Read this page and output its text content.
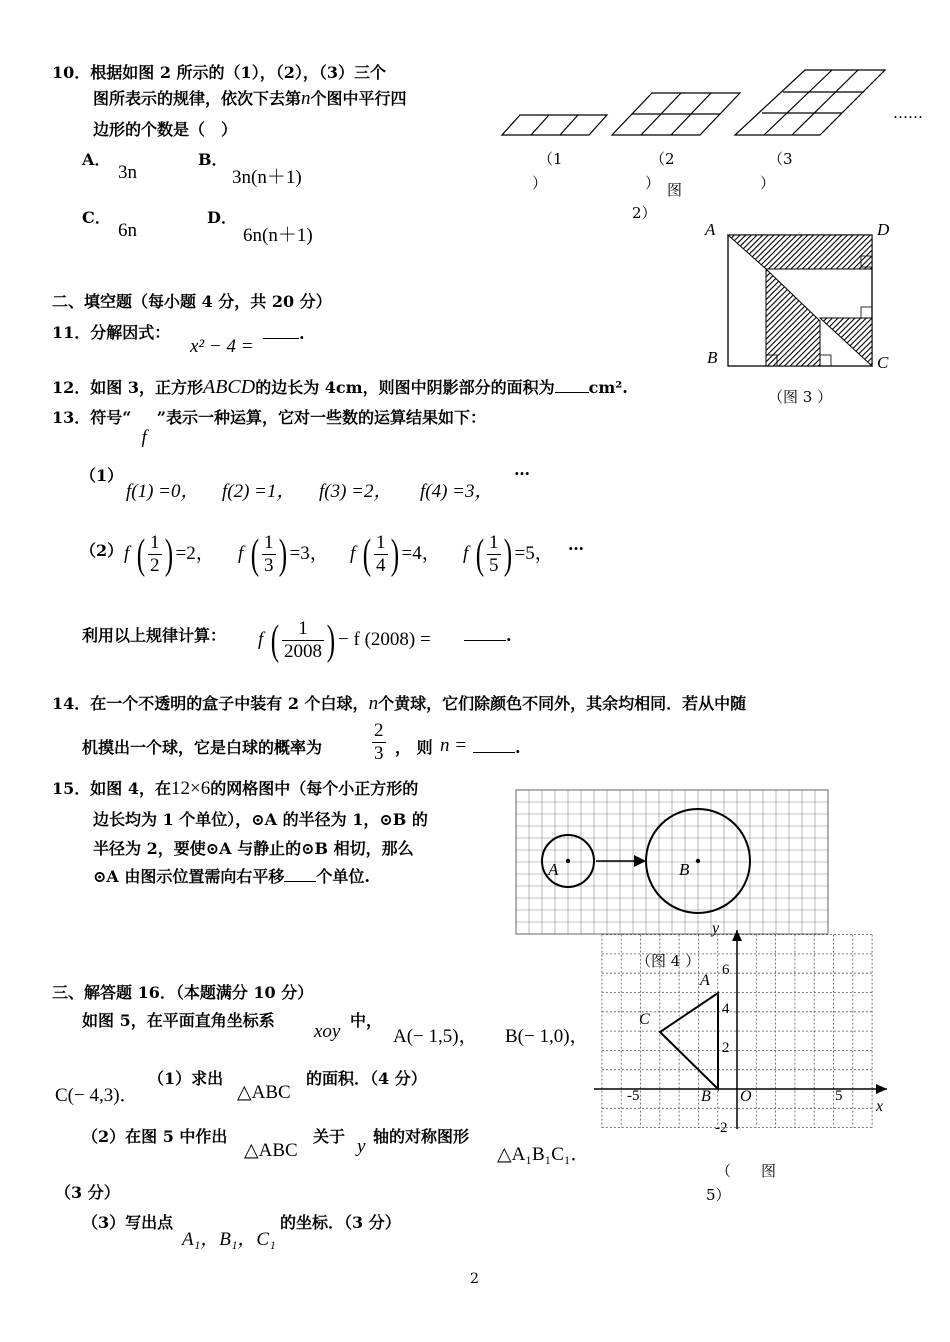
10．根据如图 2 所示的（1），（2），（3）三个
图所表示的规律，依次下去第n个图中平行四
边形的个数是（　）
A．
3n
B．
3n(n＋1)
C．
6n
D．
6n(n＋1)
（1
）
（2
）
（3
）
图
2）
……
A	D
B	C
（图 3 ）
二、填空题（每小题 4 分，共 20 分）
11．分解因式：
x² − 4 =
.
12．如图 3，正方形ABCD的边长为 4cm，则图中阴影部分的面积为 cm².
13．符号“f”表示一种运算，它对一些数的运算结果如下：
（1）
f(1) =0， f(2) =1， f(3) =2， f(4) =3，
…
（2） f ( $\frac{1}{2}$ ) =2， f ( $\frac{1}{3}$ ) =3， f ( $\frac{1}{4}$ ) =4， f ( $\frac{1}{5}$ ) =5， …
利用以上规律计算： f ( $\frac{1}{2008}$ ) − f (2008) =	.
14．在一个不透明的盒子中装有 2 个白球，n个黄球，它们除颜色不同外，其余均相同．若从中随
机摸出一个球，它是白球的概率为	$\frac{2}{3}$ ， 则 n =	.
15．如图 4，在12×6的网格图中（每个小正方形的
边长均为 1 个单位），⊙A 的半径为 1，⊙B 的
半径为 2，要使⊙A 与静止的⊙B 相切，那么
⊙A 由图示位置需向右平移 个单位.	A	B
（图 4 ）
三、解答题 16．（本题满分 10 分）
如图 5，在平面直角坐标系
xoy
中，
A(− 1,5)， B(− 1,0)，
C(− 4,3)．
（1）求出
△ABC
的面积．（4 分）
（2）在图 5 中作出
△ABC
关于 y 轴的对称图形
△A₁B₁C₁．
（3 分）
（3）写出点
A₁，B₁，C₁
的坐标．（3 分）
y
x
O
6
4
2
-2
-5	5
A
B
C
（　　图
5）
2
